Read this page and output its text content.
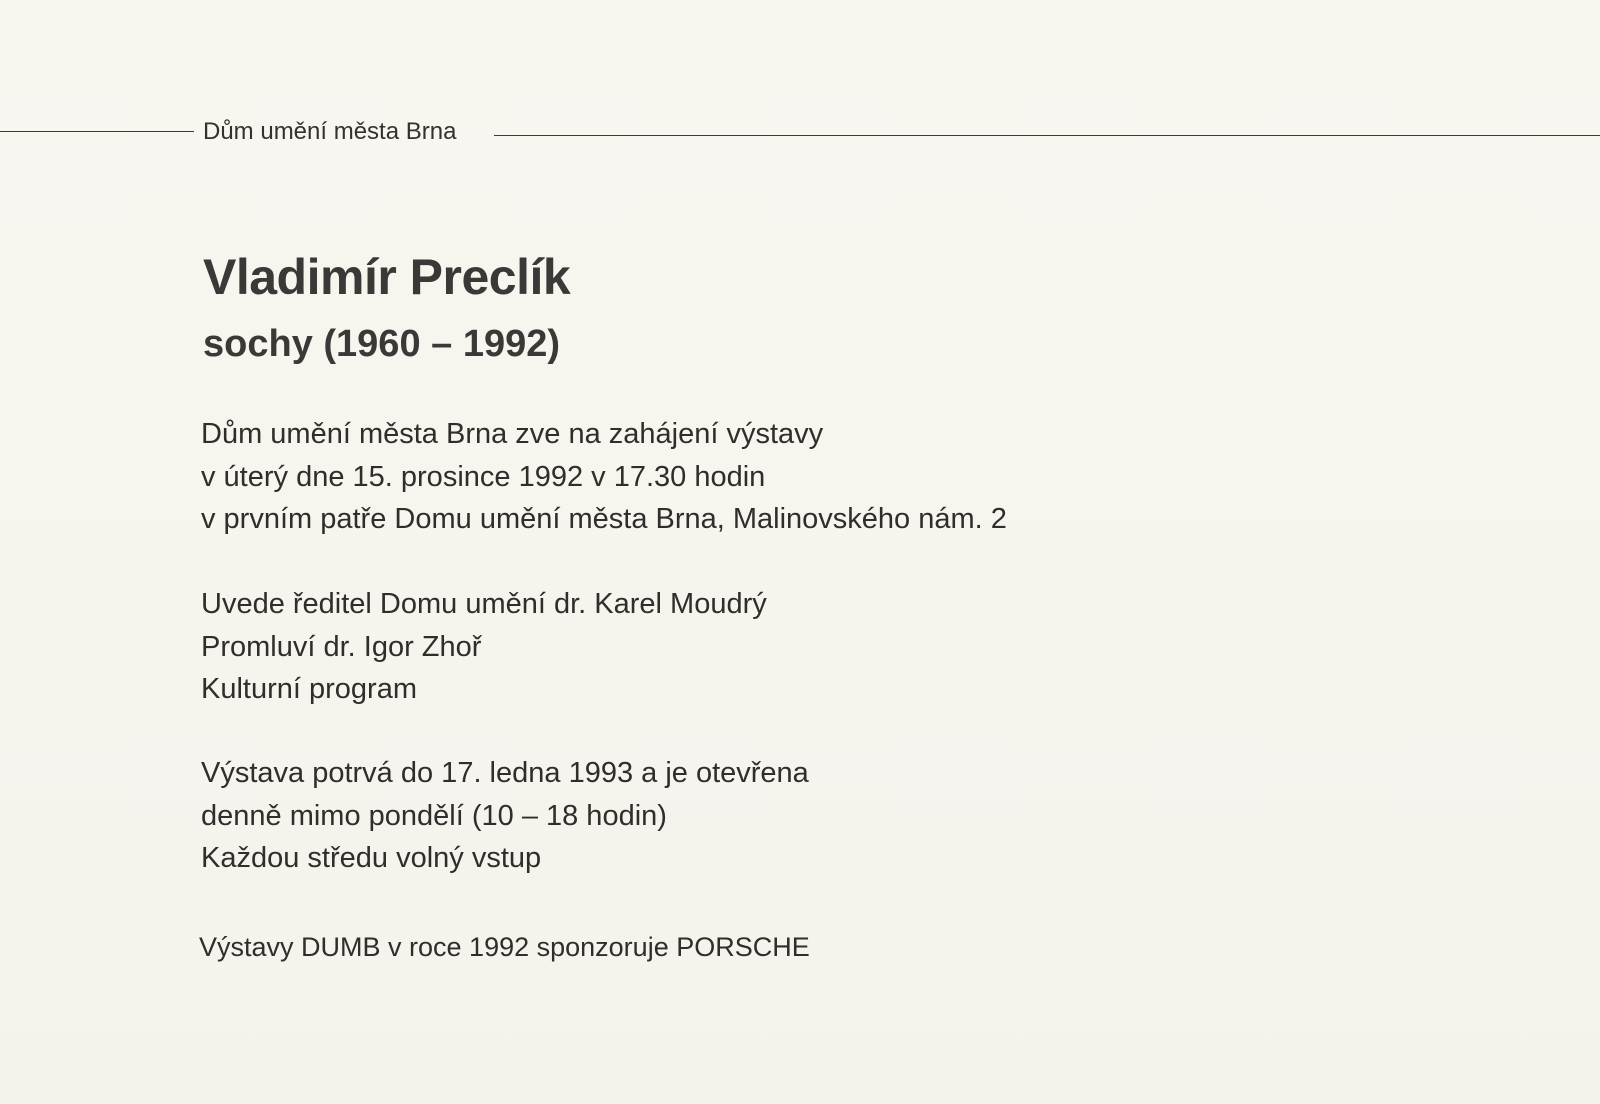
Dům umění města Brna
Vladimír Preclík
sochy (1960 – 1992)
Dům umění města Brna zve na zahájení výstavy
v úterý dne 15. prosince 1992 v 17.30 hodin
v prvním patře Domu umění města Brna, Malinovského nám. 2
Uvede ředitel Domu umění dr. Karel Moudrý
Promluví dr. Igor Zhoř
Kulturní program
Výstava potrvá do 17. ledna 1993 a je otevřena
denně mimo pondělí (10 – 18 hodin)
Každou středu volný vstup
Výstavy DUMB v roce 1992 sponzoruje PORSCHE
